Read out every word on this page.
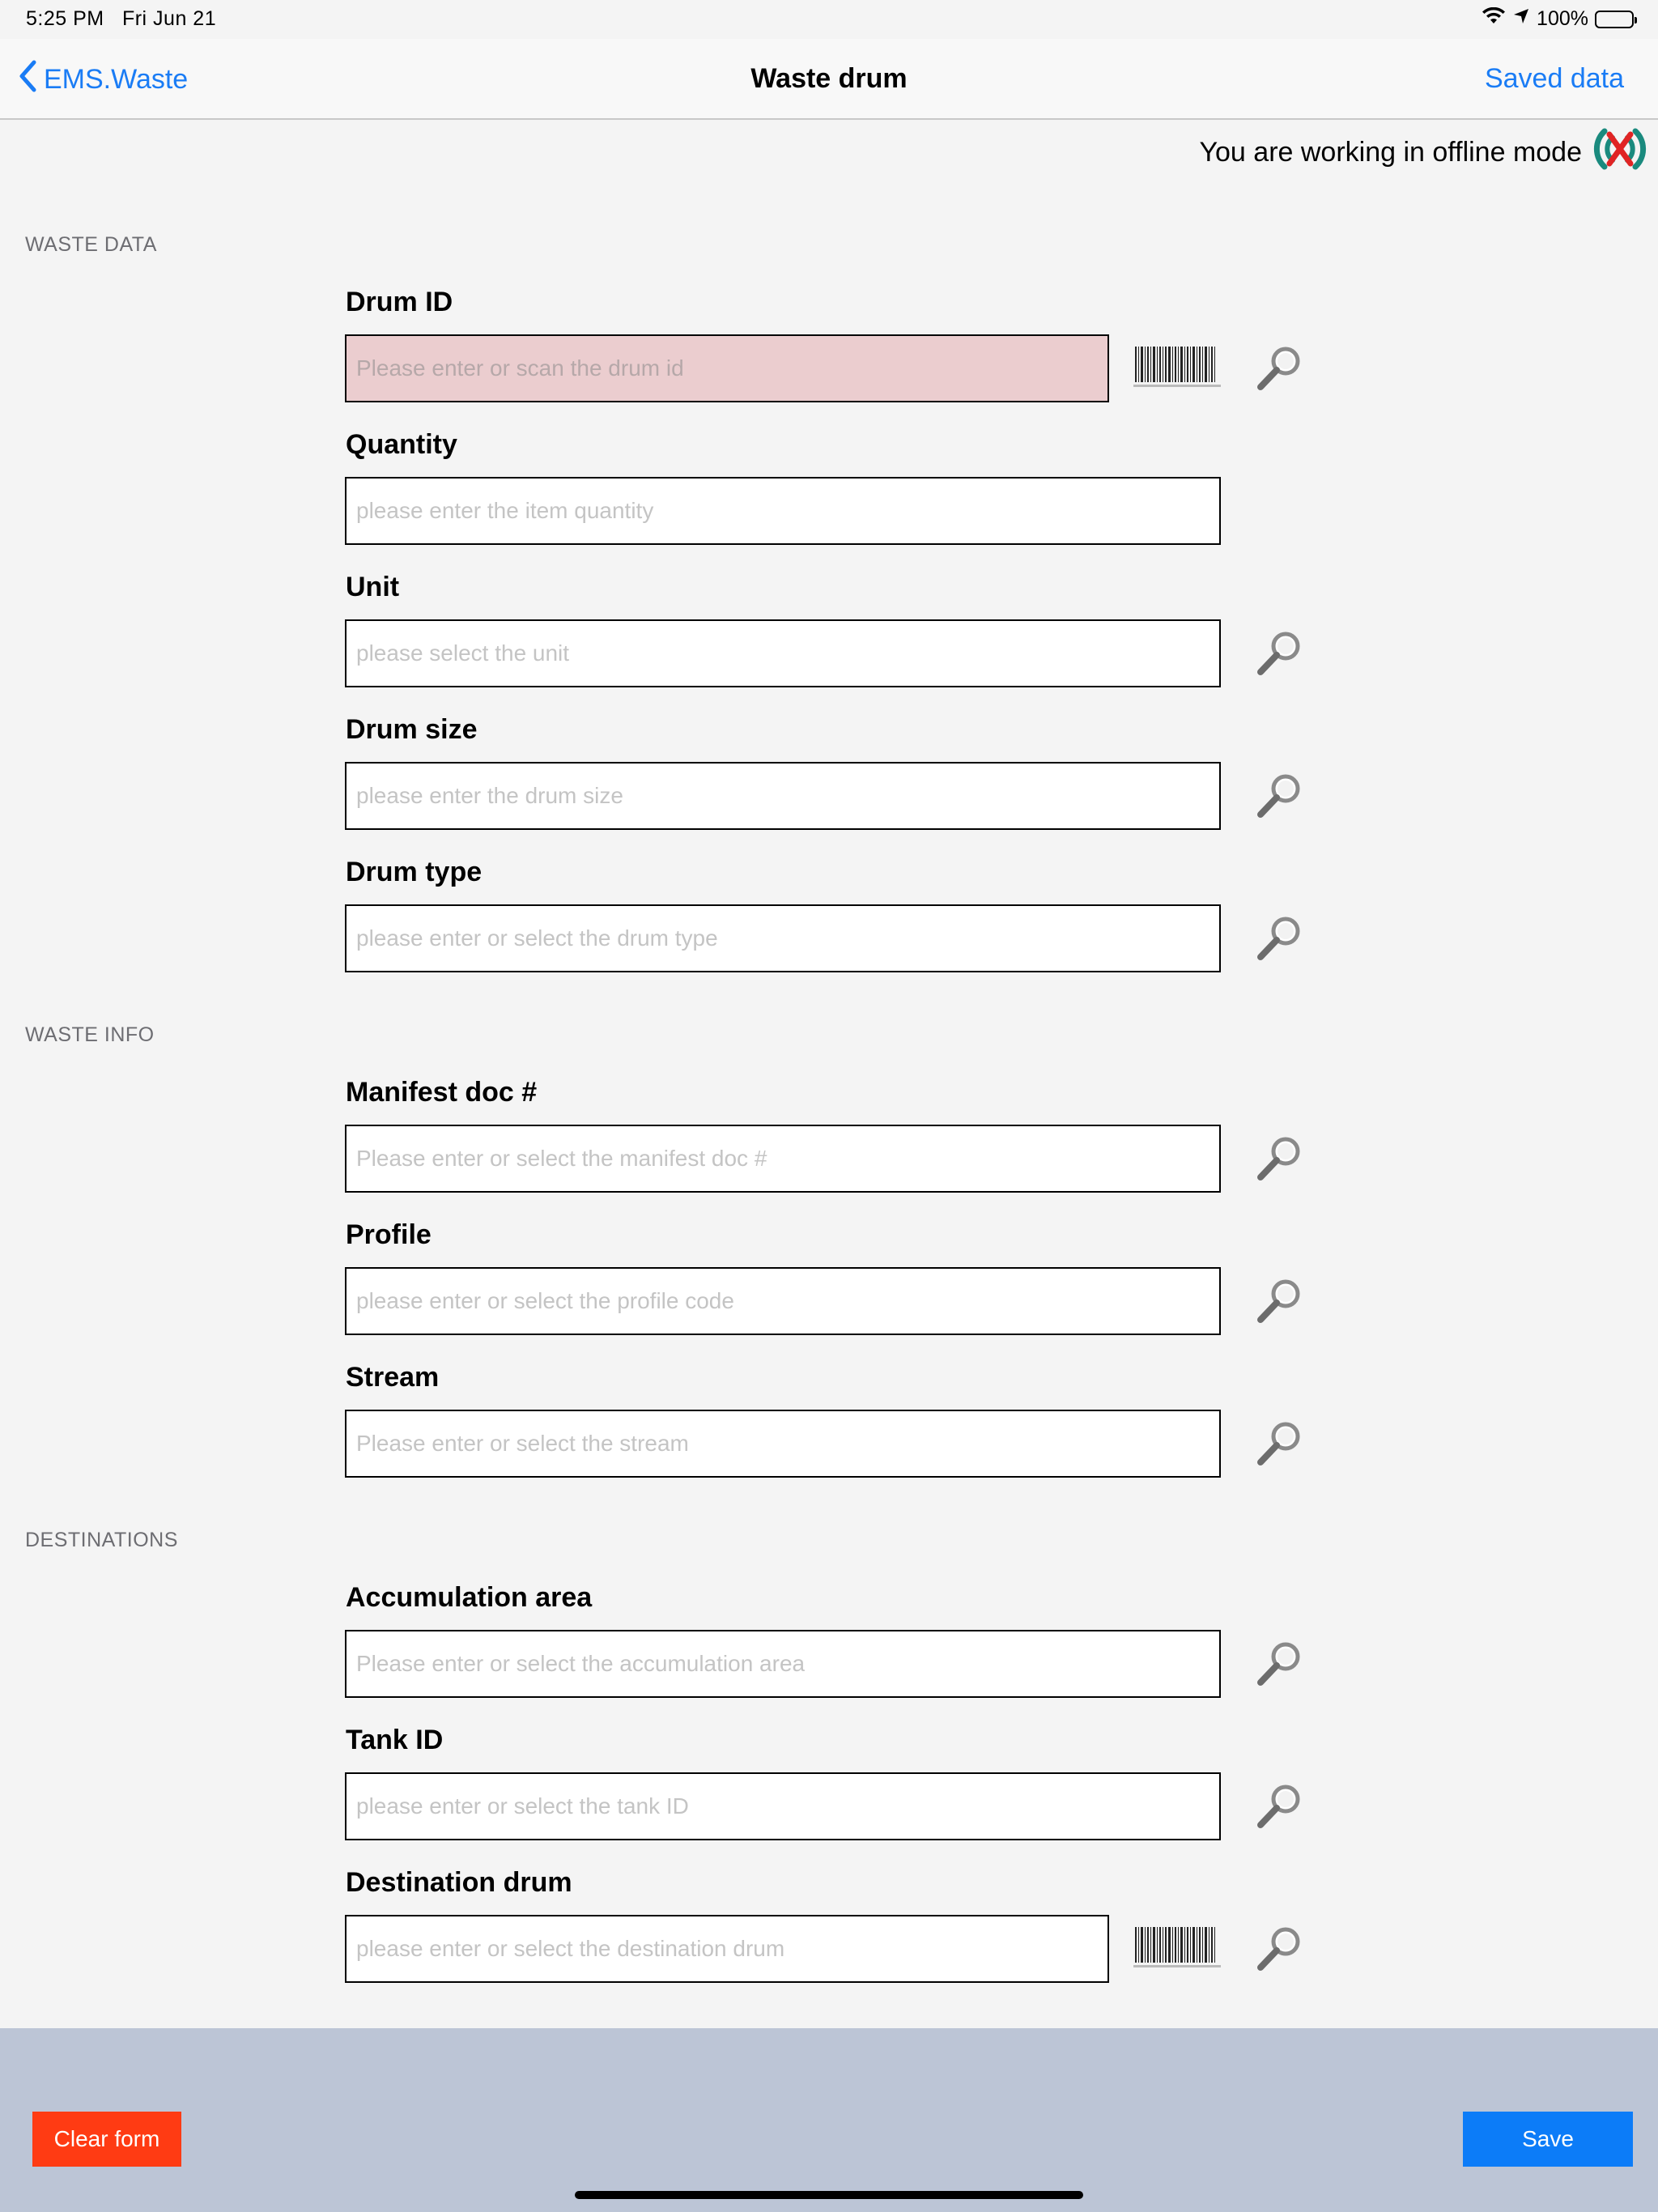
5:25 PM Fri Jun 21	100%
EMS.Waste	Waste drum	Saved data
You are working in offline mode
WASTE DATA
Drum ID
Please enter or scan the drum id
Quantity
please enter the item quantity
Unit
please select the unit
Drum size
please enter the drum size
Drum type
please enter or select the drum type
WASTE INFO
Manifest doc #
Please enter or select the manifest doc #
Profile
please enter or select the profile code
Stream
Please enter or select the stream
DESTINATIONS
Accumulation area
Please enter or select the accumulation area
Tank ID
please enter or select the tank ID
Destination drum
please enter or select the destination drum
Clear form	Save
